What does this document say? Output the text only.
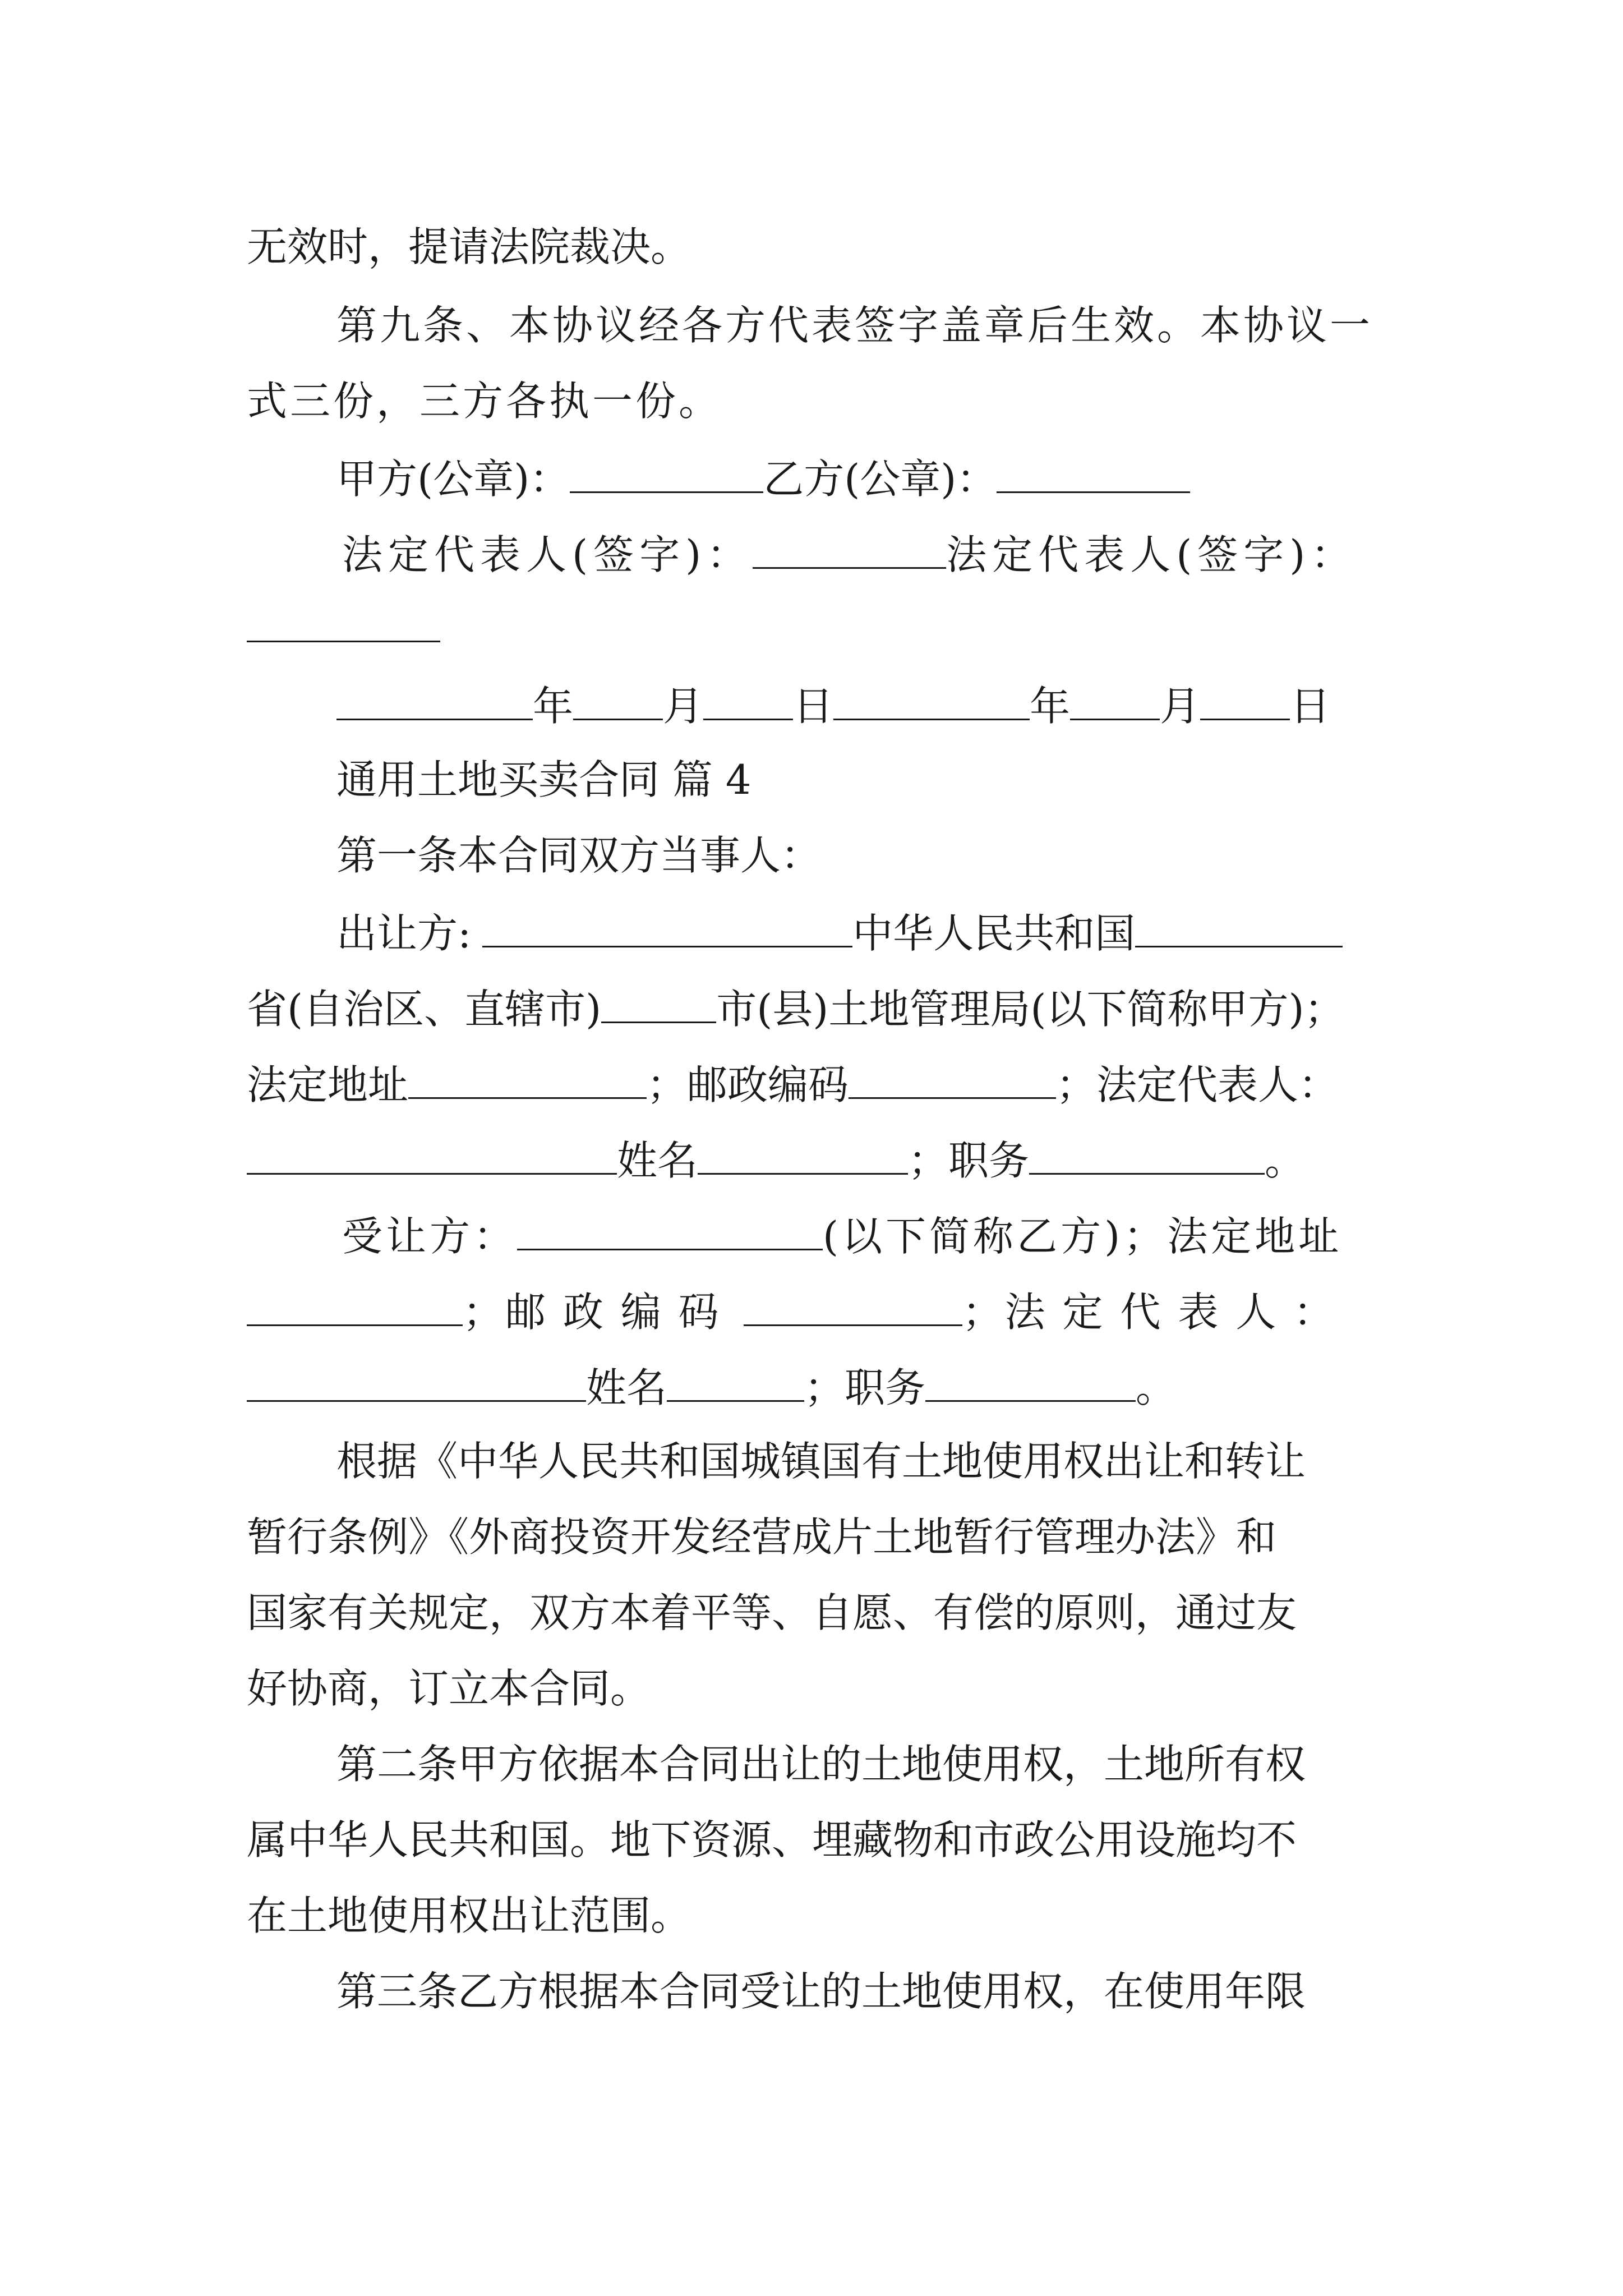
无效时，提请法院裁决。
第九条、本协议经各方代表签字盖章后生效。本协议一
式三份，三方各执一份。
甲方(公章)：	乙方(公章)：
法定代表人(签字)：	法定代表人(签字)：
年 月 日	年 月 日
通用土地买卖合同 篇 4
第一条本合同双方当事人：
出让方:	中华人民共和国
省(自治区、直辖市)	市(县)土地管理局(以下简称甲方)；
法定地址	；邮政编码	；法定代表人：
姓名	；职务	。
受让方：	(以下简称乙方)；法定地址
；邮 政 编 码	；法 定 代 表 人 ：
姓名	；职务	。
根据《中华人民共和国城镇国有土地使用权出让和转让
暂行条例》《外商投资开发经营成片土地暂行管理办法》和
国家有关规定，双方本着平等、自愿、有偿的原则，通过友
好协商，订立本合同。
第二条甲方依据本合同出让的土地使用权，土地所有权
属中华人民共和国。地下资源、埋藏物和市政公用设施均不
在土地使用权出让范围。
第三条乙方根据本合同受让的土地使用权，在使用年限
